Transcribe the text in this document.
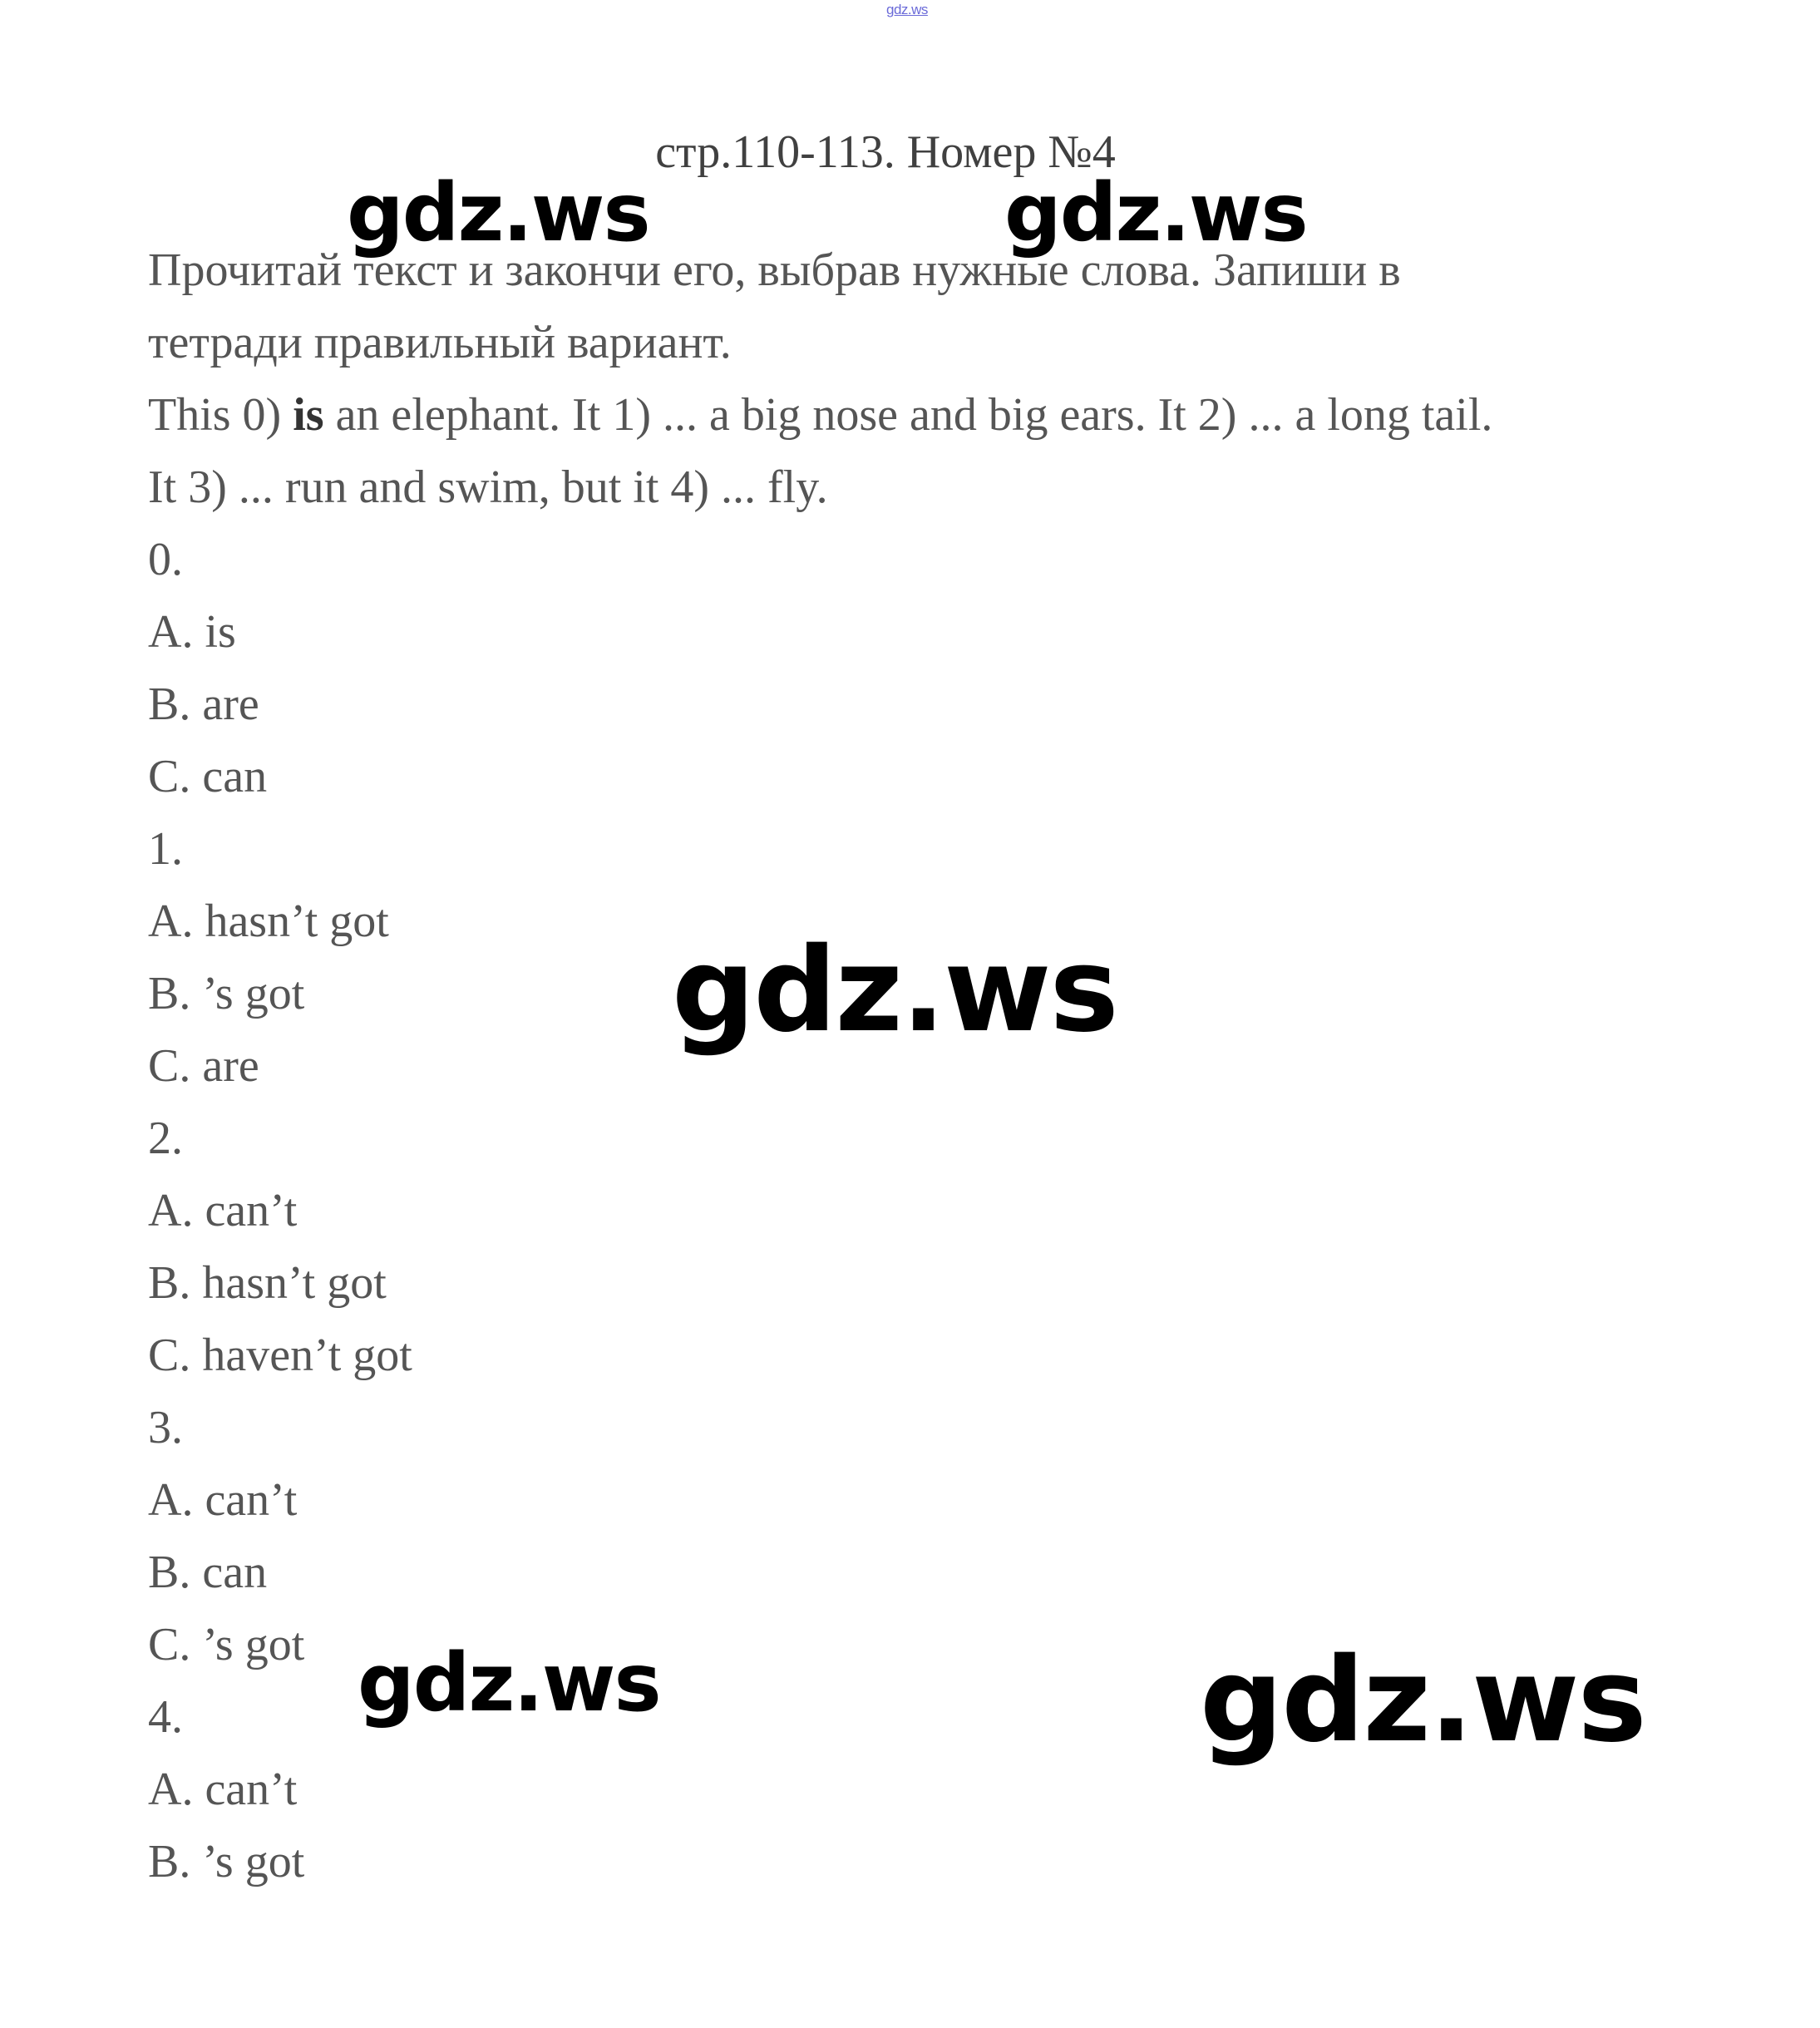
gdz.ws
стр.110-113. Номер №4
Прочитай текст и закончи его, выбрав нужные слова. Запиши в
тетради правильный вариант.
This 0) is an elephant. It 1) ... a big nose and big ears. It 2) ... a long tail.
It 3) ... run and swim, but it 4) ... fly.
0.
A. is
B. are
C. can
1.
A. hasn’t got
B. ’s got
C. are
2.
A. can’t
B. hasn’t got
C. haven’t got
3.
A. can’t
B. can
C. ’s got
4.
A. can’t
B. ’s got
gdz.ws	gdz.ws
gdz.ws
gdz.ws	gdz.ws
